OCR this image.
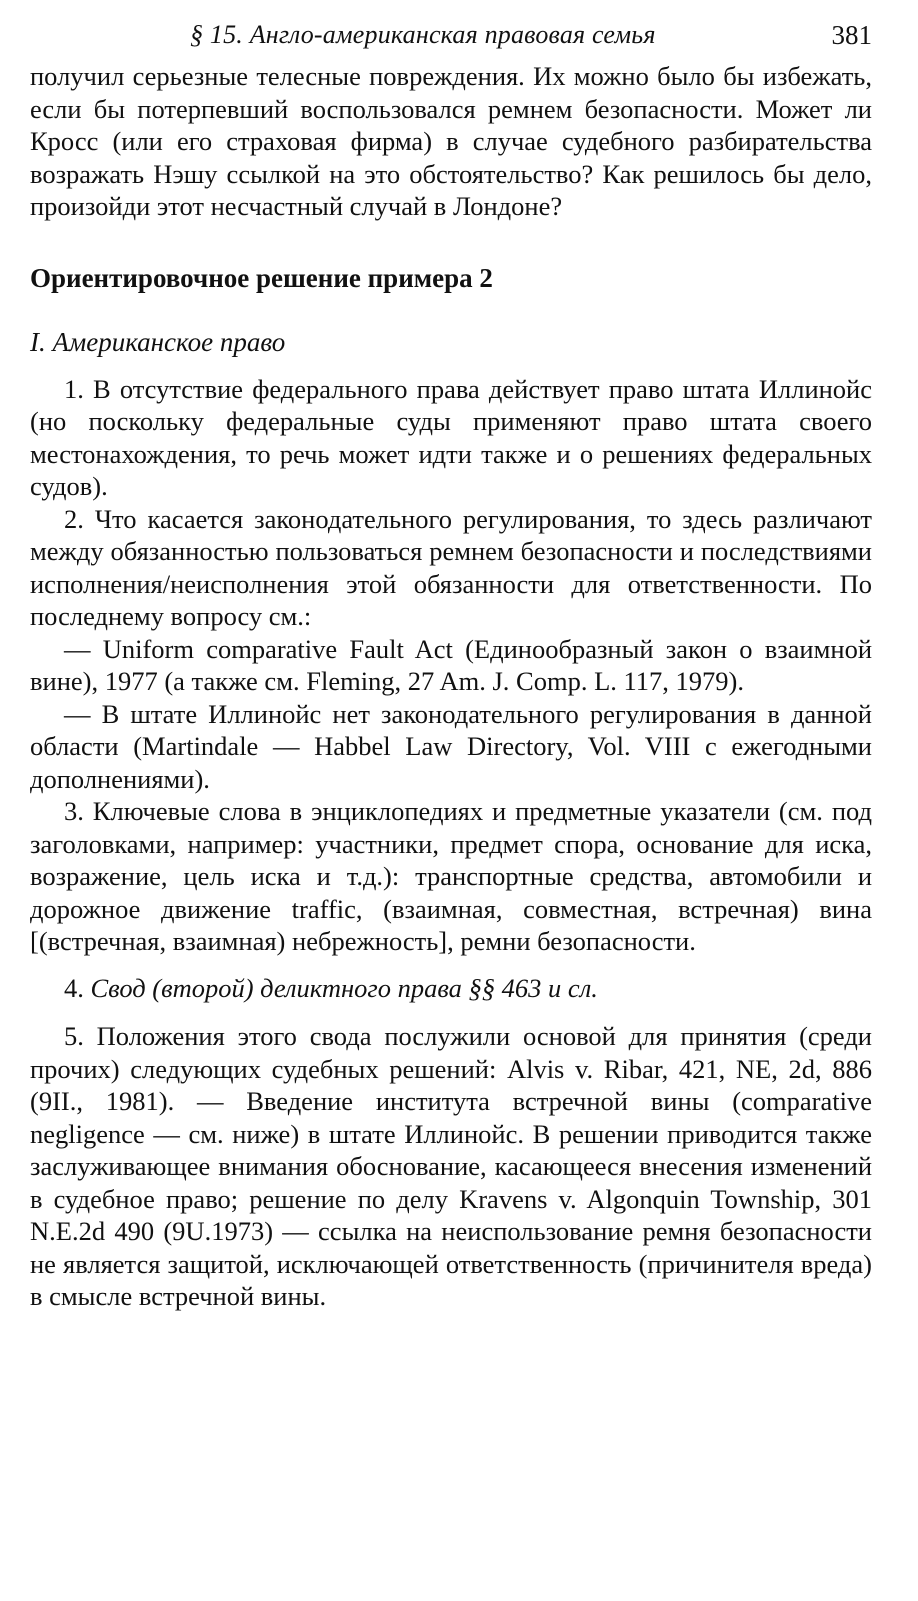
§ 15. Англо-американская правовая семья	381

получил серьезные телесные повреждения. Их можно было бы избежать, если бы потерпевший воспользовался ремнем безопасности. Может ли Кросс (или его страховая фирма) в случае судебного разбирательства возражать Нэшу ссылкой на это обстоятельство? Как решилось бы дело, произойди этот несчастный случай в Лондоне?

Ориентировочное решение примера 2

I. Американское право

1. В отсутствие федерального права действует право штата Иллинойс (но поскольку федеральные суды применяют право штата своего местонахождения, то речь может идти также и о решениях федеральных судов).

2. Что касается законодательного регулирования, то здесь различают между обязанностью пользоваться ремнем безопасности и последствиями исполнения/неисполнения этой обязанности для ответственности. По последнему вопросу см.:

— Uniform comparative Fault Act (Единообразный закон о взаимной вине), 1977 (а также см. Fleming, 27 Am. J. Comp. L. 117, 1979).

— В штате Иллинойс нет законодательного регулирования в данной области (Martindale — Habbel Law Directory, Vol. VIII с ежегодными дополнениями).

3. Ключевые слова в энциклопедиях и предметные указатели (см. под заголовками, например: участники, предмет спора, основание для иска, возражение, цель иска и т.д.): транспортные средства, автомобили и дорожное движение traffic, (взаимная, совместная, встречная) вина [(встречная, взаимная) небрежность], ремни безопасности.

4. Свод (второй) деликтного права §§ 463 и сл.

5. Положения этого свода послужили основой для принятия (среди прочих) следующих судебных решений: Alvis v. Ribar, 421, NE, 2d, 886 (9II., 1981). — Введение института встречной вины (comparative negligence — см. ниже) в штате Иллинойс. В решении приводится также заслуживающее внимания обоснование, касающееся внесения изменений в судебное право; решение по делу Kravens v. Algonquin Township, 301 N.E.2d 490 (9U.1973) — ссылка на неиспользование ремня безопасности не является защитой, исключающей ответственность (причинителя вреда) в смысле встречной вины.
